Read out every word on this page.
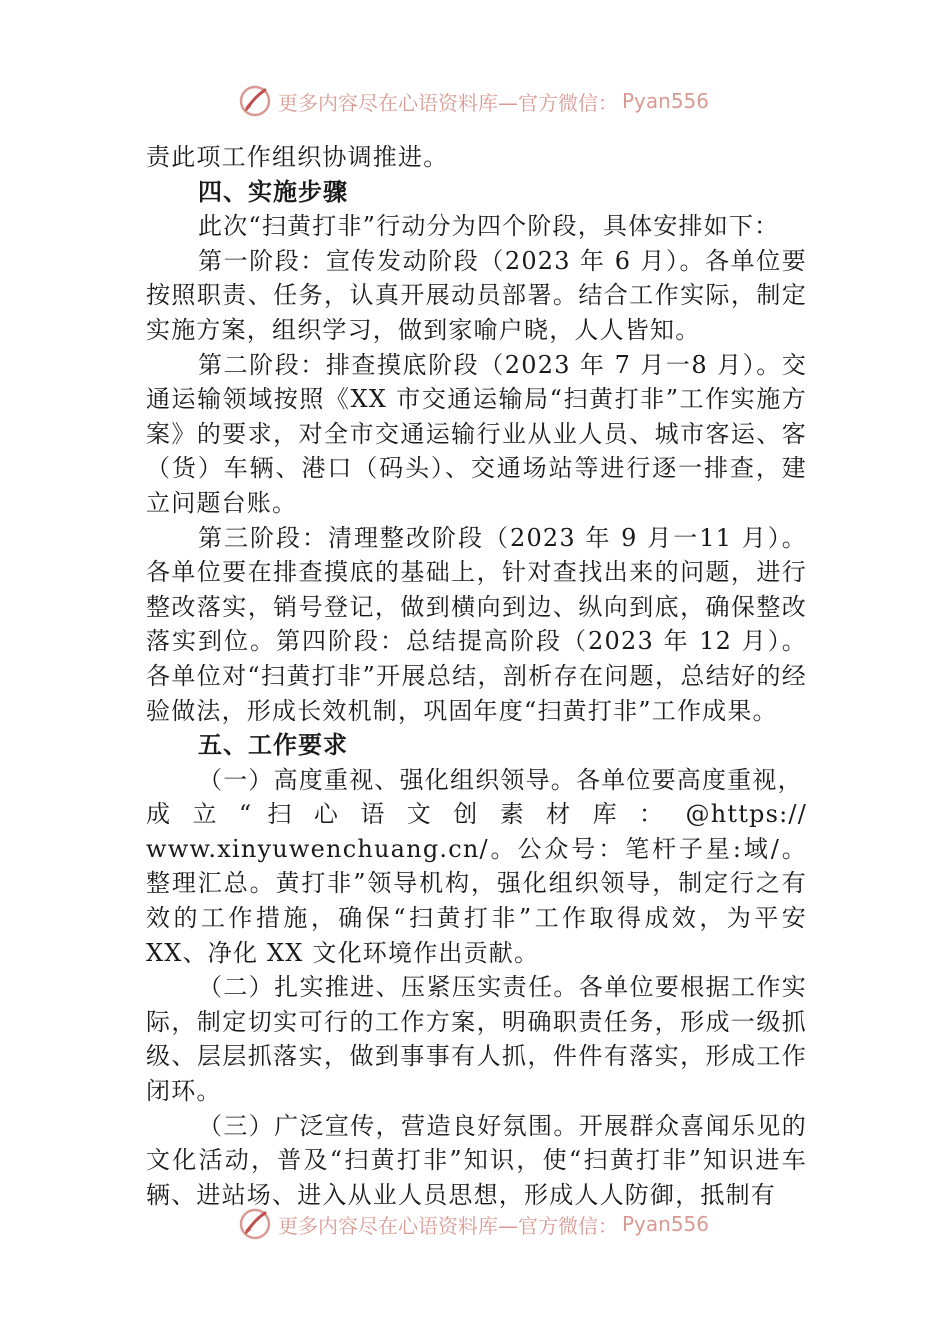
更多内容尽在心语资料库—官方微信： Pyan556

责此项工作组织协调推进。

四、实施步骤

此次“扫黄打非”行动分为四个阶段，具体安排如下：

第一阶段：宣传发动阶段（2023 年 6 月）。各单位要按照职责、任务，认真开展动员部署。结合工作实际，制定实施方案，组织学习，做到家喻户晓，人人皆知。

第二阶段：排查摸底阶段（2023 年 7 月一8 月）。交通运输领域按照《XX 市交通运输局“扫黄打非”工作实施方案》的要求，对全市交通运输行业从业人员、城市客运、客（货）车辆、港口（码头）、交通场站等进行逐一排查，建立问题台账。

第三阶段：清理整改阶段（2023 年 9 月一11 月）。各单位要在排查摸底的基础上，针对查找出来的问题，进行整改落实，销号登记，做到横向到边、纵向到底，确保整改落实到位。第四阶段：总结提高阶段（2023 年 12 月）。各单位对“扫黄打非”开展总结，剖析存在问题，总结好的经验做法，形成长效机制，巩固年度“扫黄打非”工作成果。

五、工作要求

（一）高度重视、强化组织领导。各单位要高度重视，

成 立 “ 扫 心 语 文 创 素 材 库 ： @https://

www.xinyuwenchuang.cn/。公众号：笔杆子星:域/。整理汇总。黄打非”领导机构，强化组织领导，制定行之有效的工作措施，确保“扫黄打非”工作取得成效，为平安 XX、净化 XX 文化环境作出贡献。

（二）扎实推进、压紧压实责任。各单位要根据工作实际，制定切实可行的工作方案，明确职责任务，形成一级抓级、层层抓落实，做到事事有人抓，件件有落实，形成工作闭环。

（三）广泛宣传，营造良好氛围。开展群众喜闻乐见的文化活动，普及“扫黄打非”知识，使“扫黄打非”知识进车辆、进站场、进入从业人员思想，形成人人防御，抵制有

更多内容尽在心语资料库—官方微信： Pyan556
